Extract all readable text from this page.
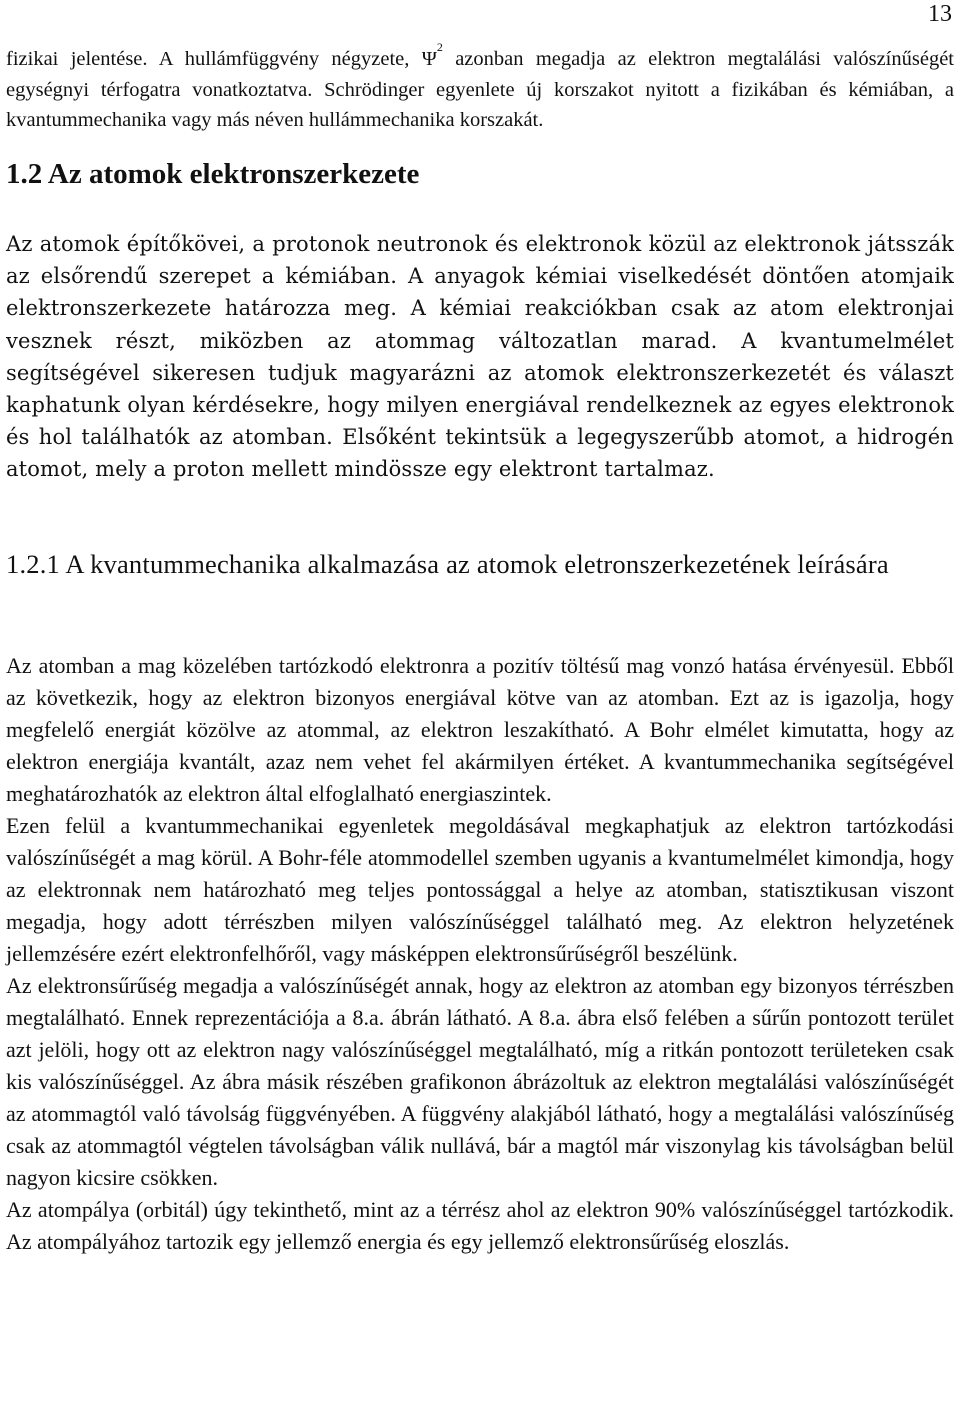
13

fizikai jelentése. A hullámfüggvény négyzete, $\Psi^2$ azonban megadja az elektron megtalálási valószínűségét egységnyi térfogatra vonatkoztatva. Schrödinger egyenlete új korszakot nyitott a fizikában és kémiában, a kvantummechanika vagy más néven hullámmechanika korszakát.

1.2 Az atomok elektronszerkezete

Az atomok építőkövei, a protonok neutronok és elektronok közül az elektronok játsszák az elsőrendű szerepet a kémiában. A anyagok kémiai viselkedését döntően atomjaik elektronszerkezete határozza meg. A kémiai reakciókban csak az atom elektronjai vesznek részt, miközben az atommag változatlan marad. A kvantumelmélet segítségével sikeresen tudjuk magyarázni az atomok elektronszerkezetét és választ kaphatunk olyan kérdésekre, hogy milyen energiával rendelkeznek az egyes elektronok és hol találhatók az atomban. Elsőként tekintsük a legegyszerűbb atomot, a hidrogén atomot, mely a proton mellett mindössze egy elektront tartalmaz.

1.2.1 A kvantummechanika alkalmazása az atomok eletronszerkezetének leírására

Az atomban a mag közelében tartózkodó elektronra a pozitív töltésű mag vonzó hatása érvényesül. Ebből az következik, hogy az elektron bizonyos energiával kötve van az atomban. Ezt az is igazolja, hogy megfelelő energiát közölve az atommal, az elektron leszakítható. A Bohr elmélet kimutatta, hogy az elektron energiája kvantált, azaz nem vehet fel akármilyen értéket. A kvantummechanika segítségével meghatározhatók az elektron által elfoglalható energiaszintek.

Ezen felül a kvantummechanikai egyenletek megoldásával megkaphatjuk az elektron tartózkodási valószínűségét a mag körül. A Bohr-féle atommodellel szemben ugyanis a kvantumelmélet kimondja, hogy az elektronnak nem határozható meg teljes pontossággal a helye az atomban, statisztikusan viszont megadja, hogy adott térrészben milyen valószínűséggel található meg. Az elektron helyzetének jellemzésére ezért elektronfelhőről, vagy másképpen elektronsűrűségről beszélünk.

Az elektronsűrűség megadja a valószínűségét annak, hogy az elektron az atomban egy bizonyos térrészben megtalálható. Ennek reprezentációja a 8.a. ábrán látható. A 8.a. ábra első felében a sűrűn pontozott terület azt jelöli, hogy ott az elektron nagy valószínűséggel megtalálható, míg a ritkán pontozott területeken csak kis valószínűséggel. Az ábra másik részében grafikonon ábrázoltuk az elektron megtalálási valószínűségét az atommagtól való távolság függvényében. A függvény alakjából látható, hogy a megtalálási valószínűség csak az atommagtól végtelen távolságban válik nullává, bár a magtól már viszonylag kis távolságban belül nagyon kicsire csökken.

Az atompálya (orbitál) úgy tekinthető, mint az a térrész ahol az elektron 90% valószínűséggel tartózkodik. Az atompályához tartozik egy jellemző energia és egy jellemző elektronsűrűség eloszlás.
